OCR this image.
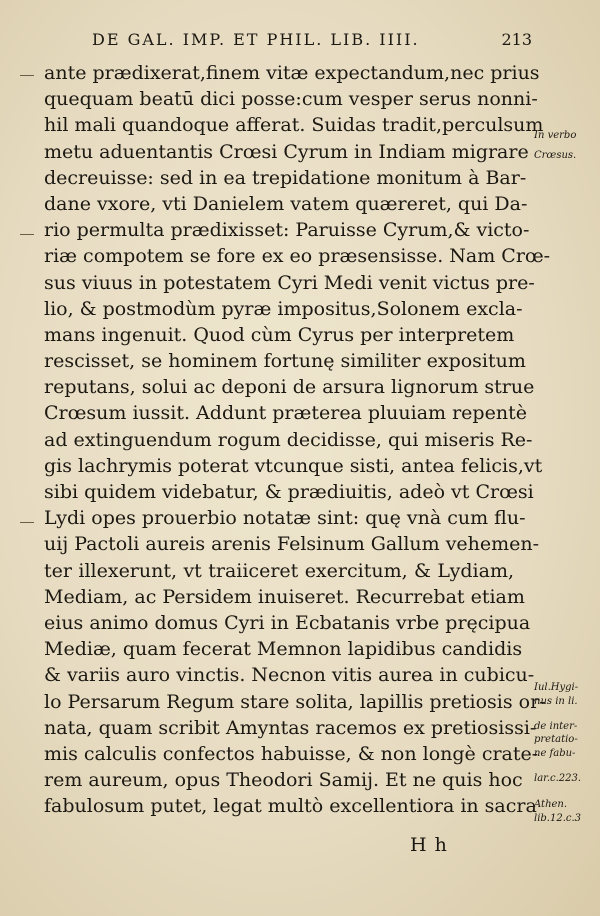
DE GAL. IMP. ET PHIL. LIB. IIII.	213
ante prædixerat,finem vitæ expectandum,nec prius
quequam beatū dici posse:cum vesper serus nonni-
hil mali quandoque afferat. Suidas tradit,perculsum
metu aduentantis Crœsi Cyrum in Indiam migrare
decreuisse: sed in ea trepidatione monitum à Bar-
dane vxore, vti Danielem vatem quæreret, qui Da-
rio permulta prædixisset: Paruisse Cyrum,& victo-
riæ compotem se fore ex eo præsensisse. Nam Crœ-
sus viuus in potestatem Cyri Medi venit victus pre-
lio, & postmodùm pyræ impositus,Solonem excla-
mans ingenuit. Quod cùm Cyrus per interpretem
rescisset, se hominem fortunę similiter expositum
reputans, solui ac deponi de arsura lignorum strue
Crœsum iussit. Addunt præterea pluuiam repentè
ad extinguendum rogum decidisse, qui miseris Re-
gis lachrymis poterat vtcunque sisti, antea felicis,vt
sibi quidem videbatur, & prædiuitis, adeò vt Crœsi
Lydi opes prouerbio notatæ sint: quę vnà cum flu-
uij Pactoli aureis arenis Felsinum Gallum vehemen-
ter illexerunt, vt traiiceret exercitum, & Lydiam,
Mediam, ac Persidem inuiseret. Recurrebat etiam
eius animo domus Cyri in Ecbatanis vrbe pręcipua
Mediæ, quam fecerat Memnon lapidibus candidis
& variis auro vinctis. Necnon vitis aurea in cubicu-
lo Persarum Regum stare solita, lapillis pretiosis or-
nata, quam scribit Amyntas racemos ex pretiosissi-
mis calculis confectos habuisse, & non longè crate-
rem aureum, opus Theodori Samij. Et ne quis hoc
fabulosum putet, legat multò excellentiora in sacra
In verbo
Crœsus.
Iul.Hygi-
nus in li.
de inter-
pretatio-
ne fabu-
lar.c.223.
Athen.
lib.12.c.3
H h
